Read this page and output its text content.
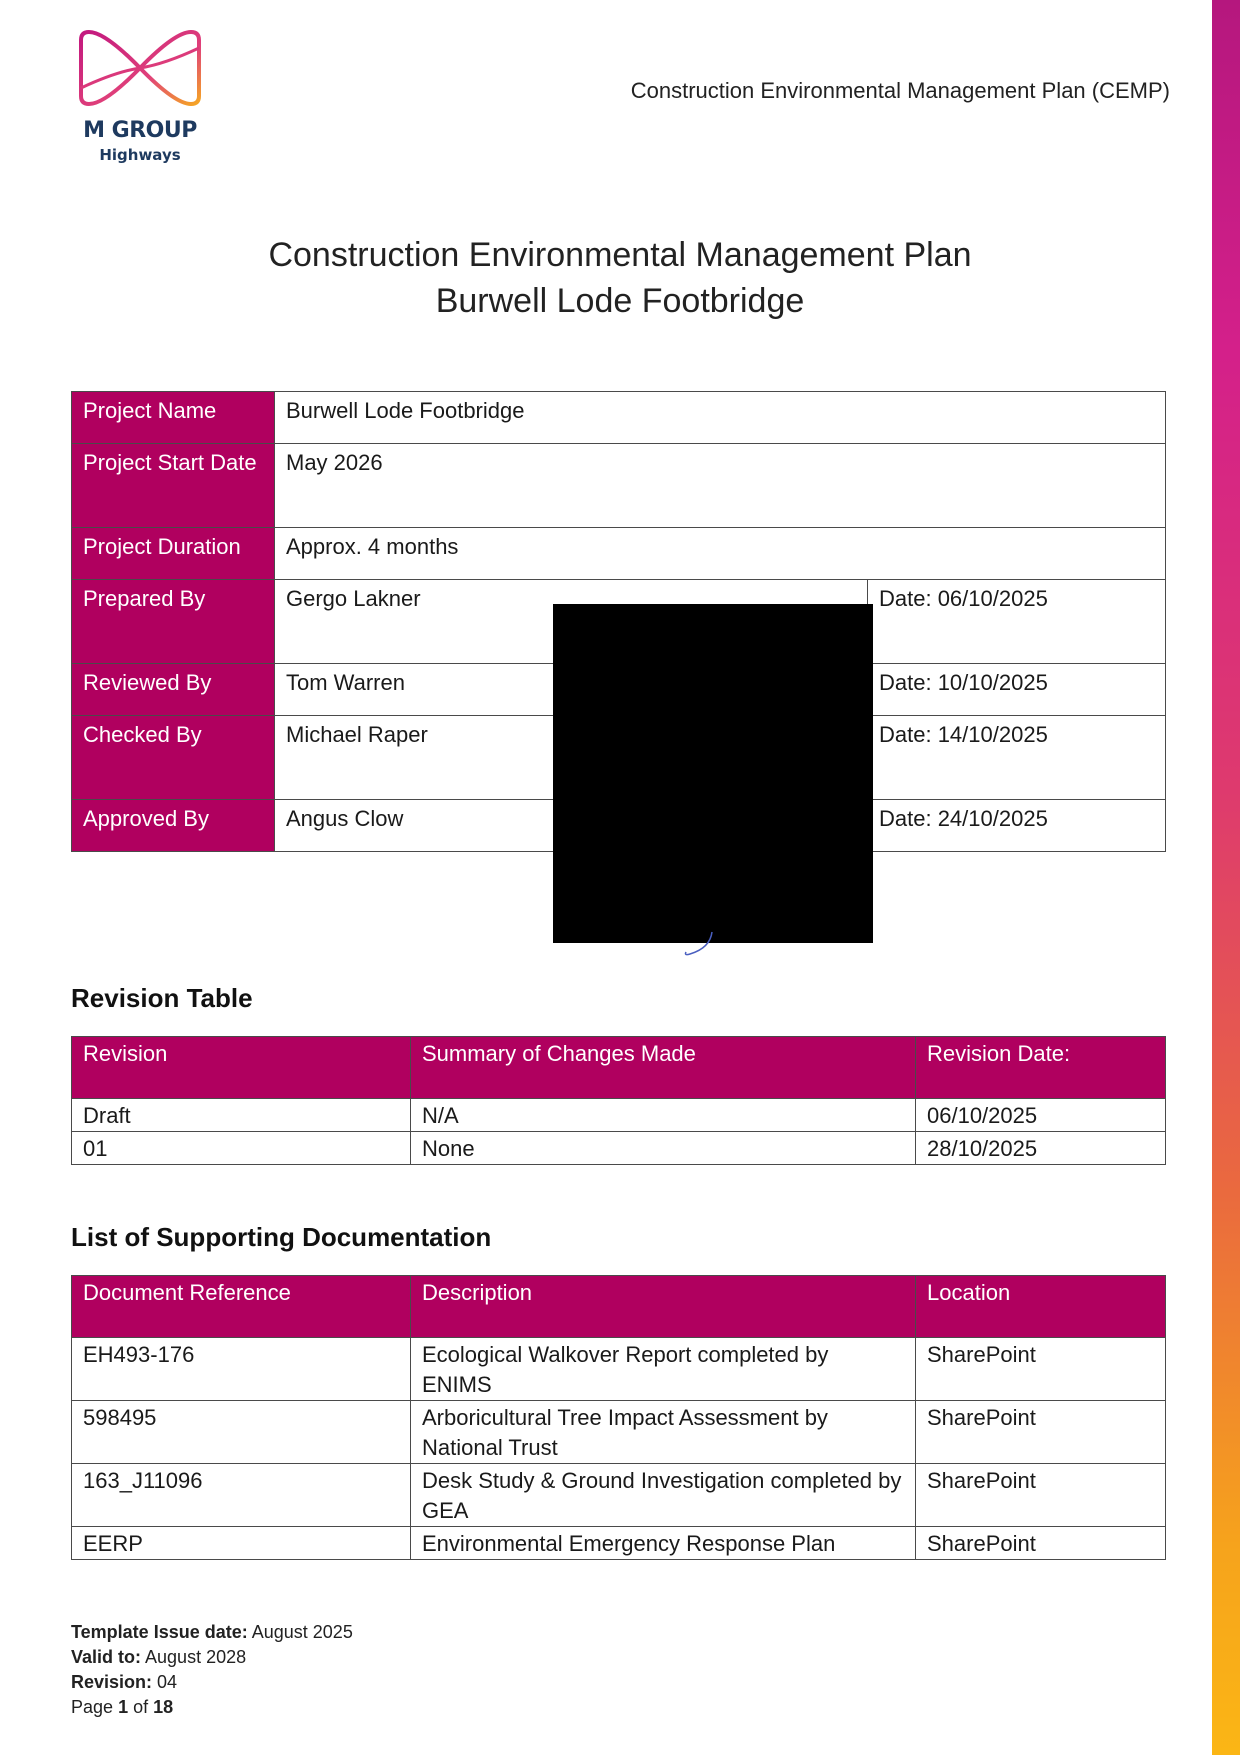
M GROUP
Highways
Construction Environmental Management Plan (CEMP)
Construction Environmental Management Plan
Burwell Lode Footbridge
Project Name	Burwell Lode Footbridge	
Project Start Date	May 2026	
Project Duration	Approx. 4 months	
Prepared By	Gergo Lakner	Date: 06/10/2025
Reviewed By	Tom Warren	Date: 10/10/2025
Checked By	Michael Raper	Date: 14/10/2025
Approved By	Angus Clow	Date: 24/10/2025
Revision Table
Revision	Summary of Changes Made	Revision Date:
Draft	N/A	06/10/2025
01	None	28/10/2025
List of Supporting Documentation
Document Reference	Description	Location
EH493-176	Ecological Walkover Report completed by ENIMS	SharePoint
598495	Arboricultural Tree Impact Assessment by National Trust	SharePoint
163_J11096	Desk Study & Ground Investigation completed by GEA	SharePoint
EERP	Environmental Emergency Response Plan	SharePoint
Template Issue date: August 2025
Valid to: August 2028
Revision: 04
Page 1 of 18
